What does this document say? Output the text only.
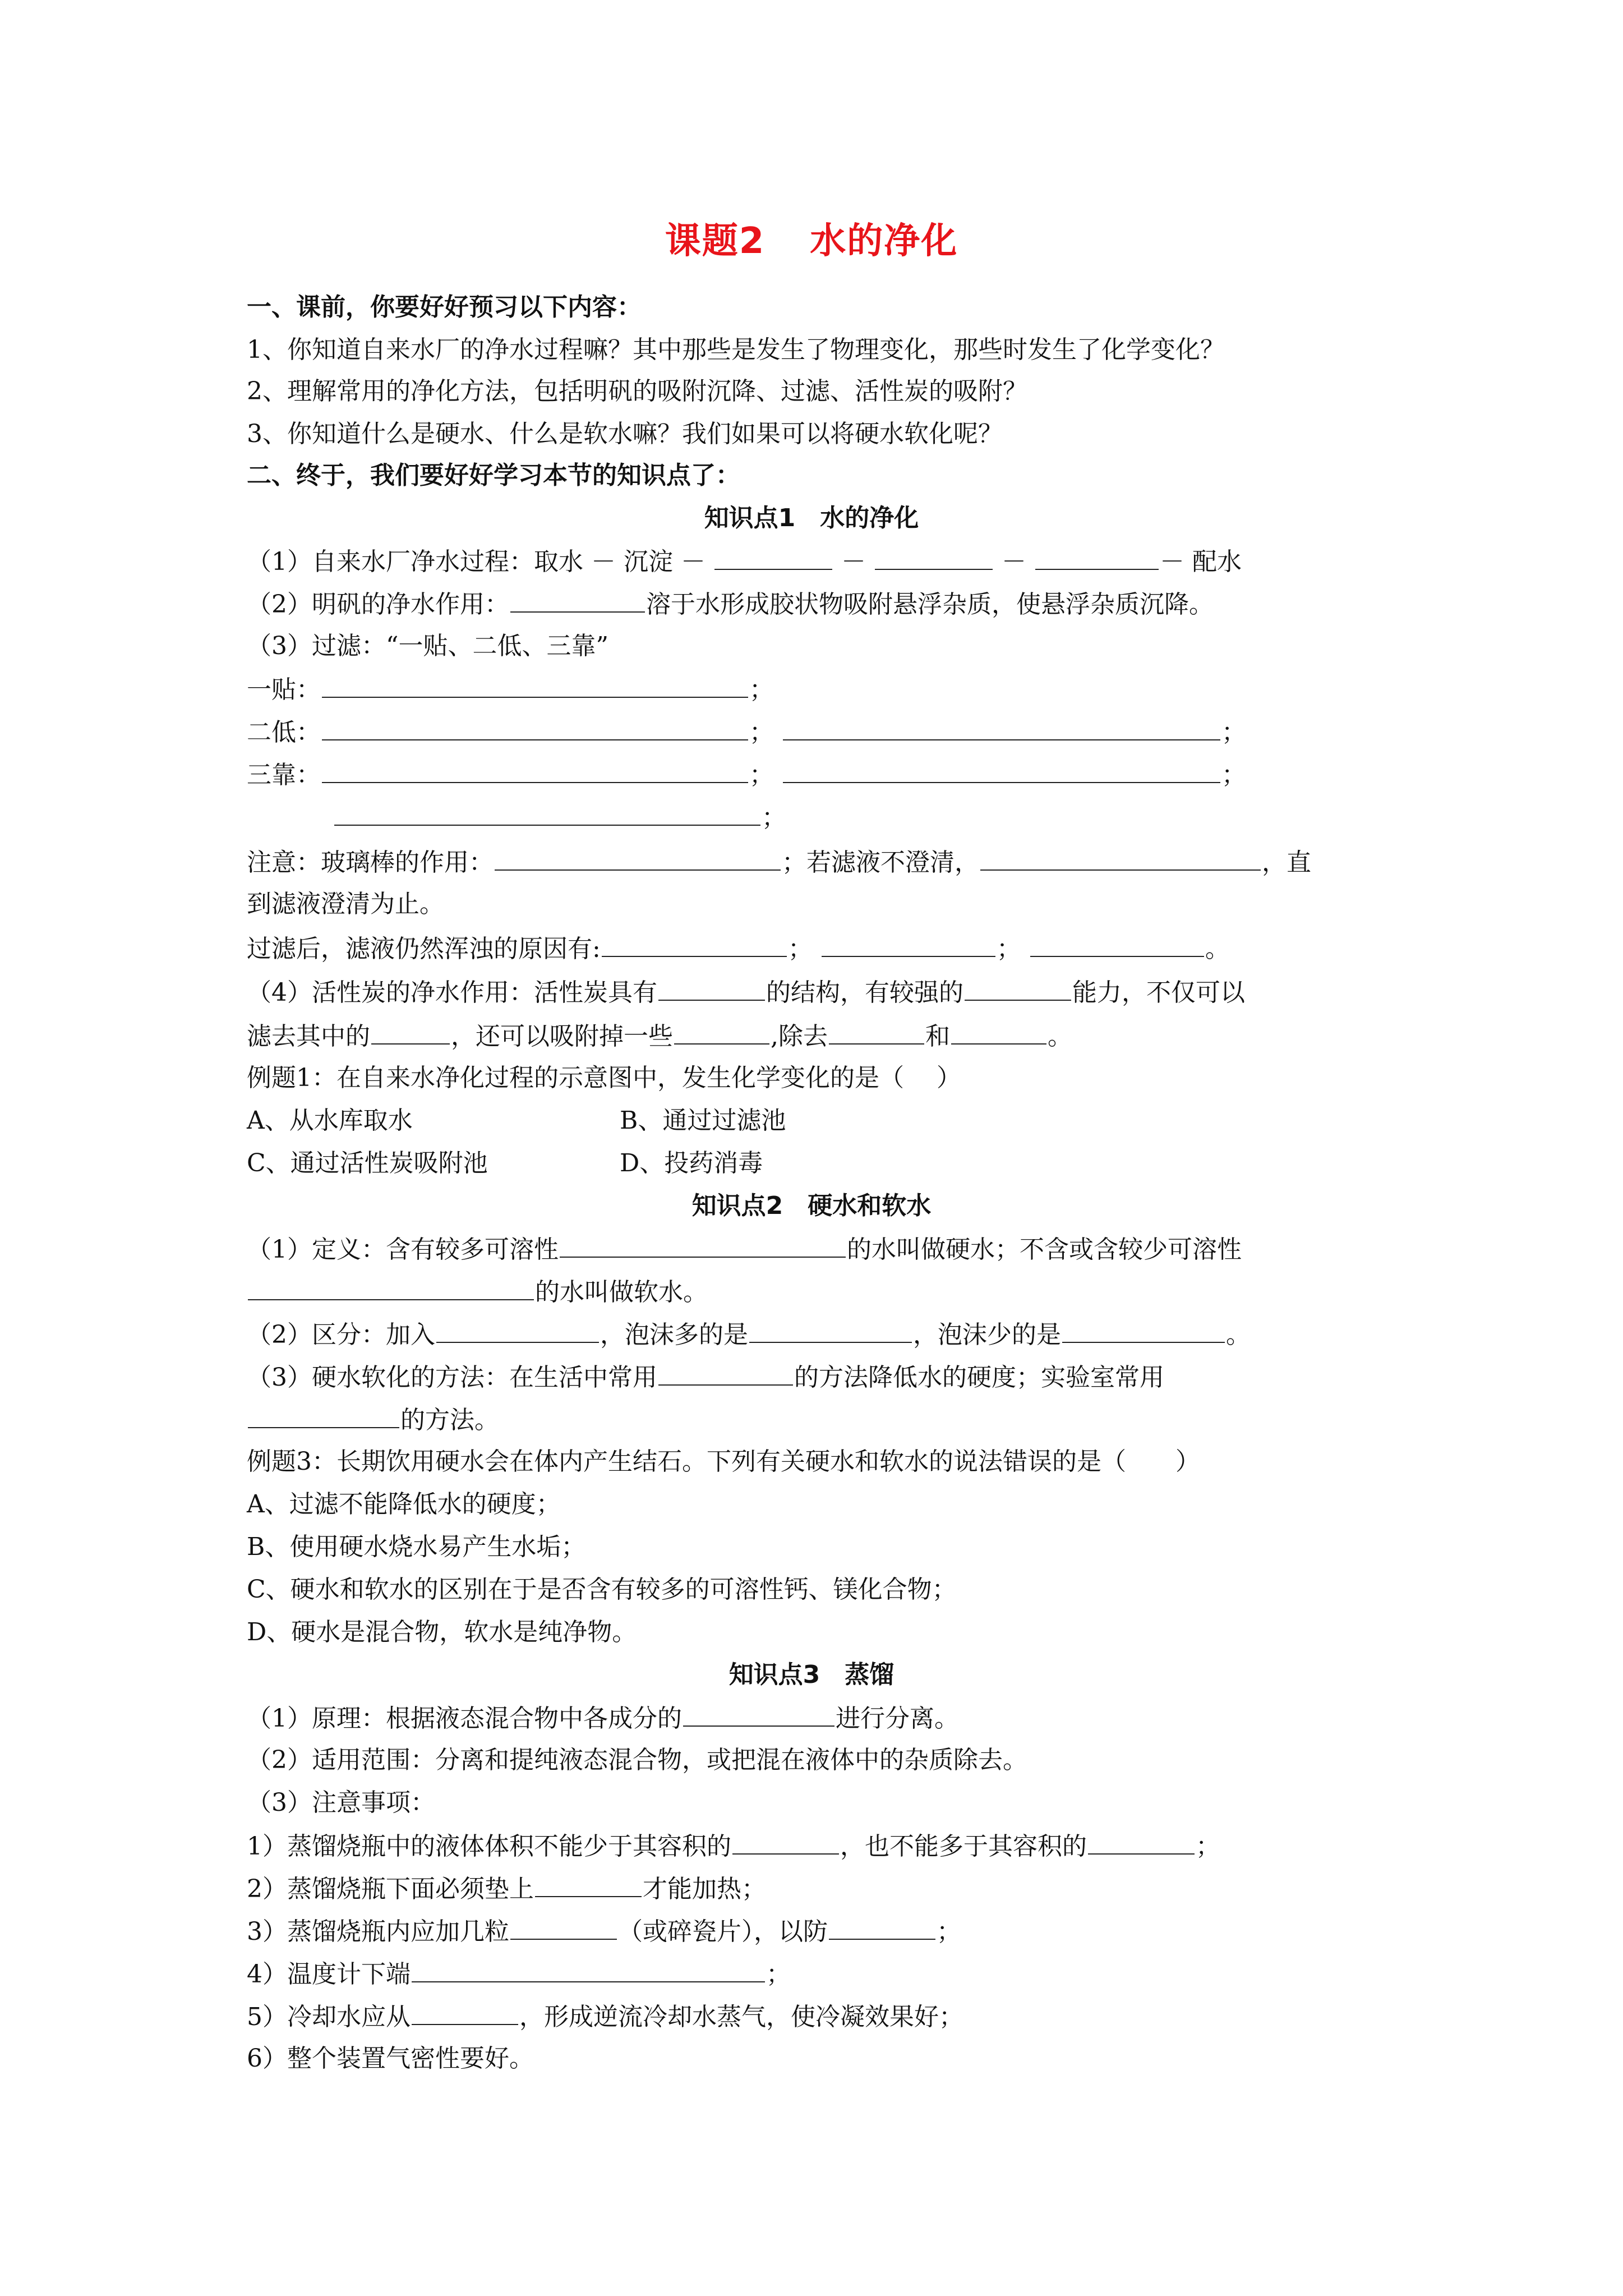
课题2 水的净化
一、课前，你要好好预习以下内容：
1、你知道自来水厂的净水过程嘛？其中那些是发生了物理变化，那些时发生了化学变化？
2、理解常用的净化方法，包括明矾的吸附沉降、过滤、活性炭的吸附？
3、你知道什么是硬水、什么是软水嘛？我们如果可以将硬水软化呢？
二、终于，我们要好好学习本节的知识点了：
知识点1　水的净化
（1）自来水厂净水过程：取水 － 沉淀 －	－	－	－ 配水
（2）明矾的净水作用：	溶于水形成胶状物吸附悬浮杂质，使悬浮杂质沉降。
（3）过滤：“一贴、二低、三靠”
一贴：	；
二低：	；	；
三靠：	；	；
；
注意：玻璃棒的作用：	；若滤液不澄清，	，直
到滤液澄清为止。
过滤后，滤液仍然浑浊的原因有:	；	；	。
（4）活性炭的净水作用：活性炭具有	的结构，有较强的	能力，不仅可以
滤去其中的	，还可以吸附掉一些	,除去	和	。
例题1：在自来水净化过程的示意图中，发生化学变化的是（　 ）
A、从水库取水	B、通过过滤池
C、通过活性炭吸附池	D、投药消毒
知识点2　硬水和软水
（1）定义：含有较多可溶性	的水叫做硬水；不含或含较少可溶性
的水叫做软水。
（2）区分：加入	，泡沫多的是	，泡沫少的是	。
（3）硬水软化的方法：在生活中常用	的方法降低水的硬度；实验室常用
的方法。
例题3：长期饮用硬水会在体内产生结石。下列有关硬水和软水的说法错误的是（　　）
A、过滤不能降低水的硬度；
B、使用硬水烧水易产生水垢；
C、硬水和软水的区别在于是否含有较多的可溶性钙、镁化合物；
D、硬水是混合物，软水是纯净物。
知识点3　蒸馏
（1）原理：根据液态混合物中各成分的	进行分离。
（2）适用范围：分离和提纯液态混合物，或把混在液体中的杂质除去。
（3）注意事项：
1）蒸馏烧瓶中的液体体积不能少于其容积的	，也不能多于其容积的	；
2）蒸馏烧瓶下面必须垫上	才能加热；
3）蒸馏烧瓶内应加几粒	（或碎瓷片），以防	；
4）温度计下端	；
5）冷却水应从	，形成逆流冷却水蒸气，使冷凝效果好；
6）整个装置气密性要好。
